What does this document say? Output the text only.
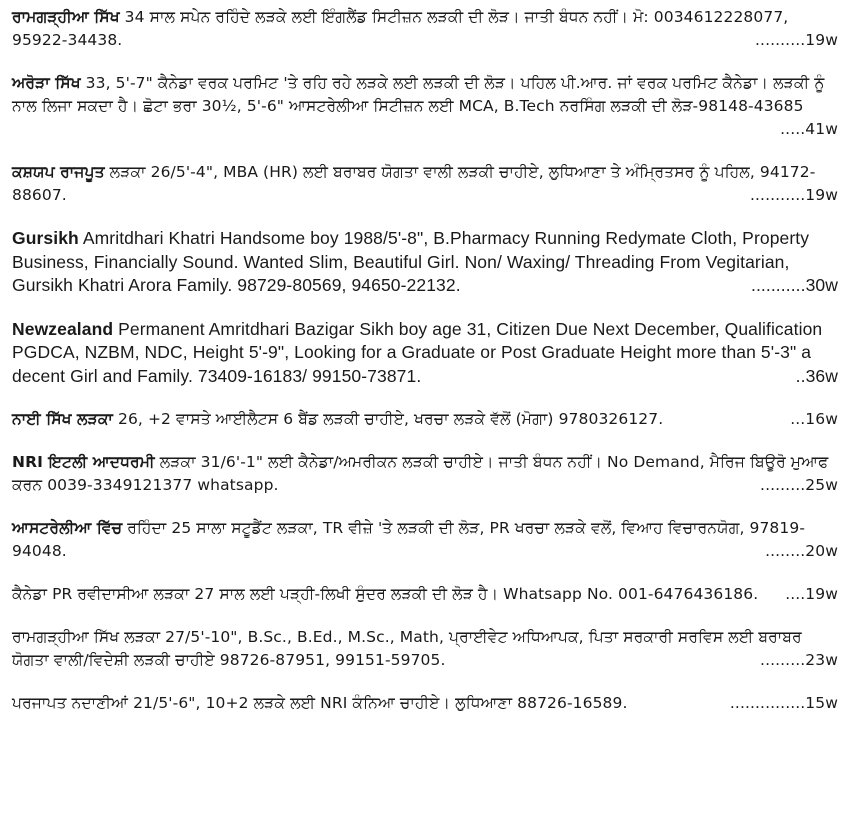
ਰਾਮਗੜ੍ਹੀਆ ਸਿੱਖ 34 ਸਾਲ ਸਪੇਨ ਰਹਿੰਦੇ ਲੜਕੇ ਲਈ ਇੰਗਲੈਂਡ ਸਿਟੀਜ਼ਨ ਲੜਕੀ ਦੀ ਲੋੜ। ਜਾਤੀ ਬੰਧਨ ਨਹੀਂ। ਮੋ: 0034612228077, 95922-34438.	..........19w
ਅਰੋੜਾ ਸਿੱਖ 33, 5'-7" ਕੈਨੇਡਾ ਵਰਕ ਪਰਮਿਟ 'ਤੇ ਰਹਿ ਰਹੇ ਲੜਕੇ ਲਈ ਲੜਕੀ ਦੀ ਲੋੜ। ਪਹਿਲ ਪੀ.ਆਰ. ਜਾਂ ਵਰਕ ਪਰਮਿਟ ਕੈਨੇਡਾ। ਲੜਕੀ ਨੂੰ ਨਾਲ ਲਿਜਾ ਸਕਦਾ ਹੈ। ਛੋਟਾ ਭਰਾ 30½, 5'-6" ਆਸਟਰੇਲੀਆ ਸਿਟੀਜ਼ਨ ਲਈ MCA, B.Tech ਨਰਸਿੰਗ ਲੜਕੀ ਦੀ ਲੋੜ-98148-43685
.....41w
ਕਸ਼ਯਪ ਰਾਜਪੂਤ ਲੜਕਾ 26/5'-4", MBA (HR) ਲਈ ਬਰਾਬਰ ਯੋਗਤਾ ਵਾਲੀ ਲੜਕੀ ਚਾਹੀਏ, ਲੁਧਿਆਣਾ ਤੇ ਅੰਮ੍ਰਿਤਸਰ ਨੂੰ ਪਹਿਲ, 94172-88607.	...........19w
Gursikh Amritdhari Khatri Handsome boy 1988/5'-8", B.Pharmacy Running Redymate Cloth, Property Business, Financially Sound. Wanted Slim, Beautiful Girl. Non/ Waxing/ Threading From Vegitarian, Gursikh Khatri Arora Family. 98729-80569, 94650-22132.	...........30w
Newzealand Permanent Amritdhari Bazigar Sikh boy age 31, Citizen Due Next December, Qualification PGDCA, NZBM, NDC, Height 5'-9", Looking for a Graduate or Post Graduate Height more than 5'-3" a decent Girl and Family. 73409-16183/ 99150-73871.	..36w
ਨਾਈ ਸਿੱਖ ਲੜਕਾ 26, +2 ਵਾਸਤੇ ਆਈਲੈਟਸ 6 ਬੈਂਡ ਲੜਕੀ ਚਾਹੀਏ, ਖਰਚਾ ਲੜਕੇ ਵੱਲੋਂ (ਮੋਗਾ) 9780326127.	...16w
NRI ਇਟਲੀ ਆਦਧਰਮੀ ਲੜਕਾ 31/6'-1" ਲਈ ਕੈਨੇਡਾ/ਅਮਰੀਕਨ ਲੜਕੀ ਚਾਹੀਏ। ਜਾਤੀ ਬੰਧਨ ਨਹੀਂ। No Demand, ਮੈਰਿਜ ਬਿਊਰੋ ਮੁਆਫ ਕਰਨ 0039-3349121377 whatsapp.	.........25w
ਆਸਟਰੇਲੀਆ ਵਿੱਚ ਰਹਿੰਦਾ 25 ਸਾਲਾ ਸਟੂਡੈਂਟ ਲੜਕਾ, TR ਵੀਜ਼ੇ 'ਤੇ ਲੜਕੀ ਦੀ ਲੋੜ, PR ਖਰਚਾ ਲੜਕੇ ਵਲੋਂ, ਵਿਆਹ ਵਿਚਾਰਨਯੋਗ, 97819-94048.	........20w
ਕੈਨੇਡਾ PR ਰਵੀਦਾਸੀਆ ਲੜਕਾ 27 ਸਾਲ ਲਈ ਪੜ੍ਹੀ-ਲਿਖੀ ਸੁੰਦਰ ਲੜਕੀ ਦੀ ਲੋੜ ਹੈ। Whatsapp No. 001-6476436186. ....19w
ਰਾਮਗੜ੍ਹੀਆ ਸਿੱਖ ਲੜਕਾ 27/5'-10", B.Sc., B.Ed., M.Sc., Math, ਪ੍ਰਾਈਵੇਟ ਅਧਿਆਪਕ, ਪਿਤਾ ਸਰਕਾਰੀ ਸਰਵਿਸ ਲਈ ਬਰਾਬਰ ਯੋਗਤਾ ਵਾਲੀ/ਵਿਦੇਸ਼ੀ ਲੜਕੀ ਚਾਹੀਏ 98726-87951, 99151-59705.	.........23w
ਪਰਜਾਪਤ ਨਦਾਣੀਆਂ 21/5'-6", 10+2 ਲੜਕੇ ਲਈ NRI ਕੰਨਿਆ ਚਾਹੀਏ। ਲੁਧਿਆਣਾ 88726-16589.	...............15w
